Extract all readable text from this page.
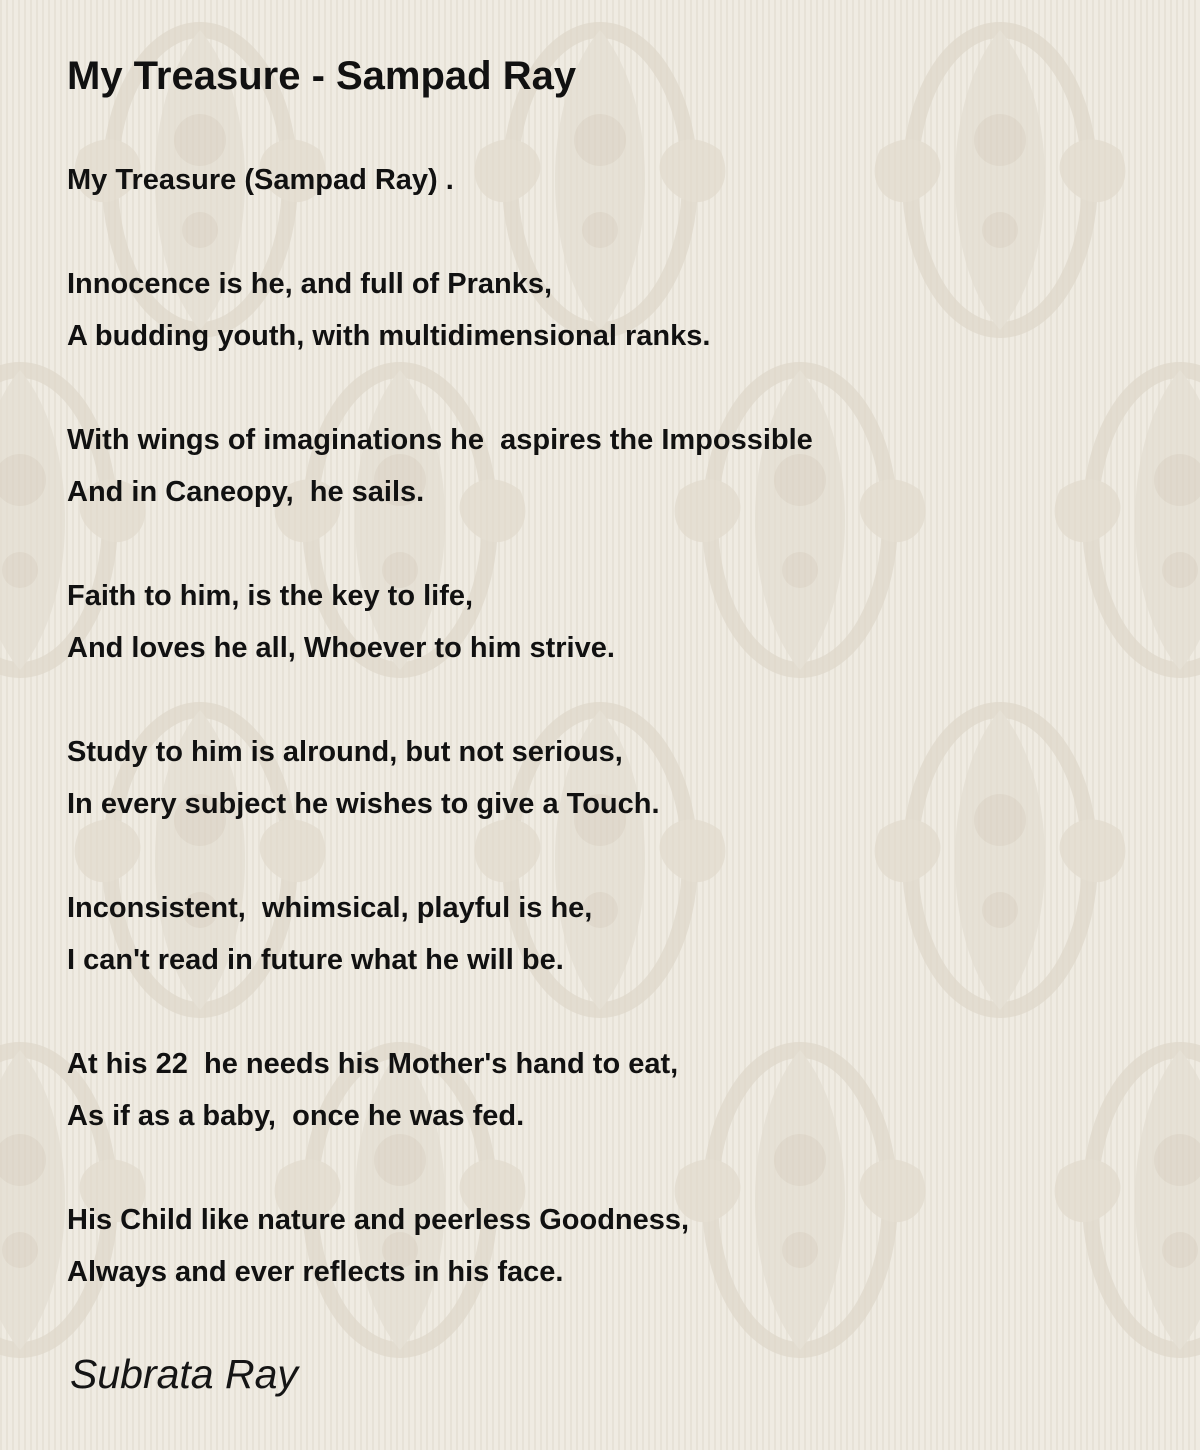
My Treasure - Sampad Ray
My Treasure (Sampad Ray) .
Innocence is he, and full of Pranks,
A budding youth, with multidimensional ranks.
With wings of imaginations he  aspires the Impossible
And in Caneopy,  he sails.
Faith to him, is the key to life,
And loves he all, Whoever to him strive.
Study to him is alround, but not serious,
In every subject he wishes to give a Touch.
Inconsistent,  whimsical, playful is he,
I can't read in future what he will be.
At his 22  he needs his Mother's hand to eat,
As if as a baby,  once he was fed.
His Child like nature and peerless Goodness,
Always and ever reflects in his face.

Subrata Ray
